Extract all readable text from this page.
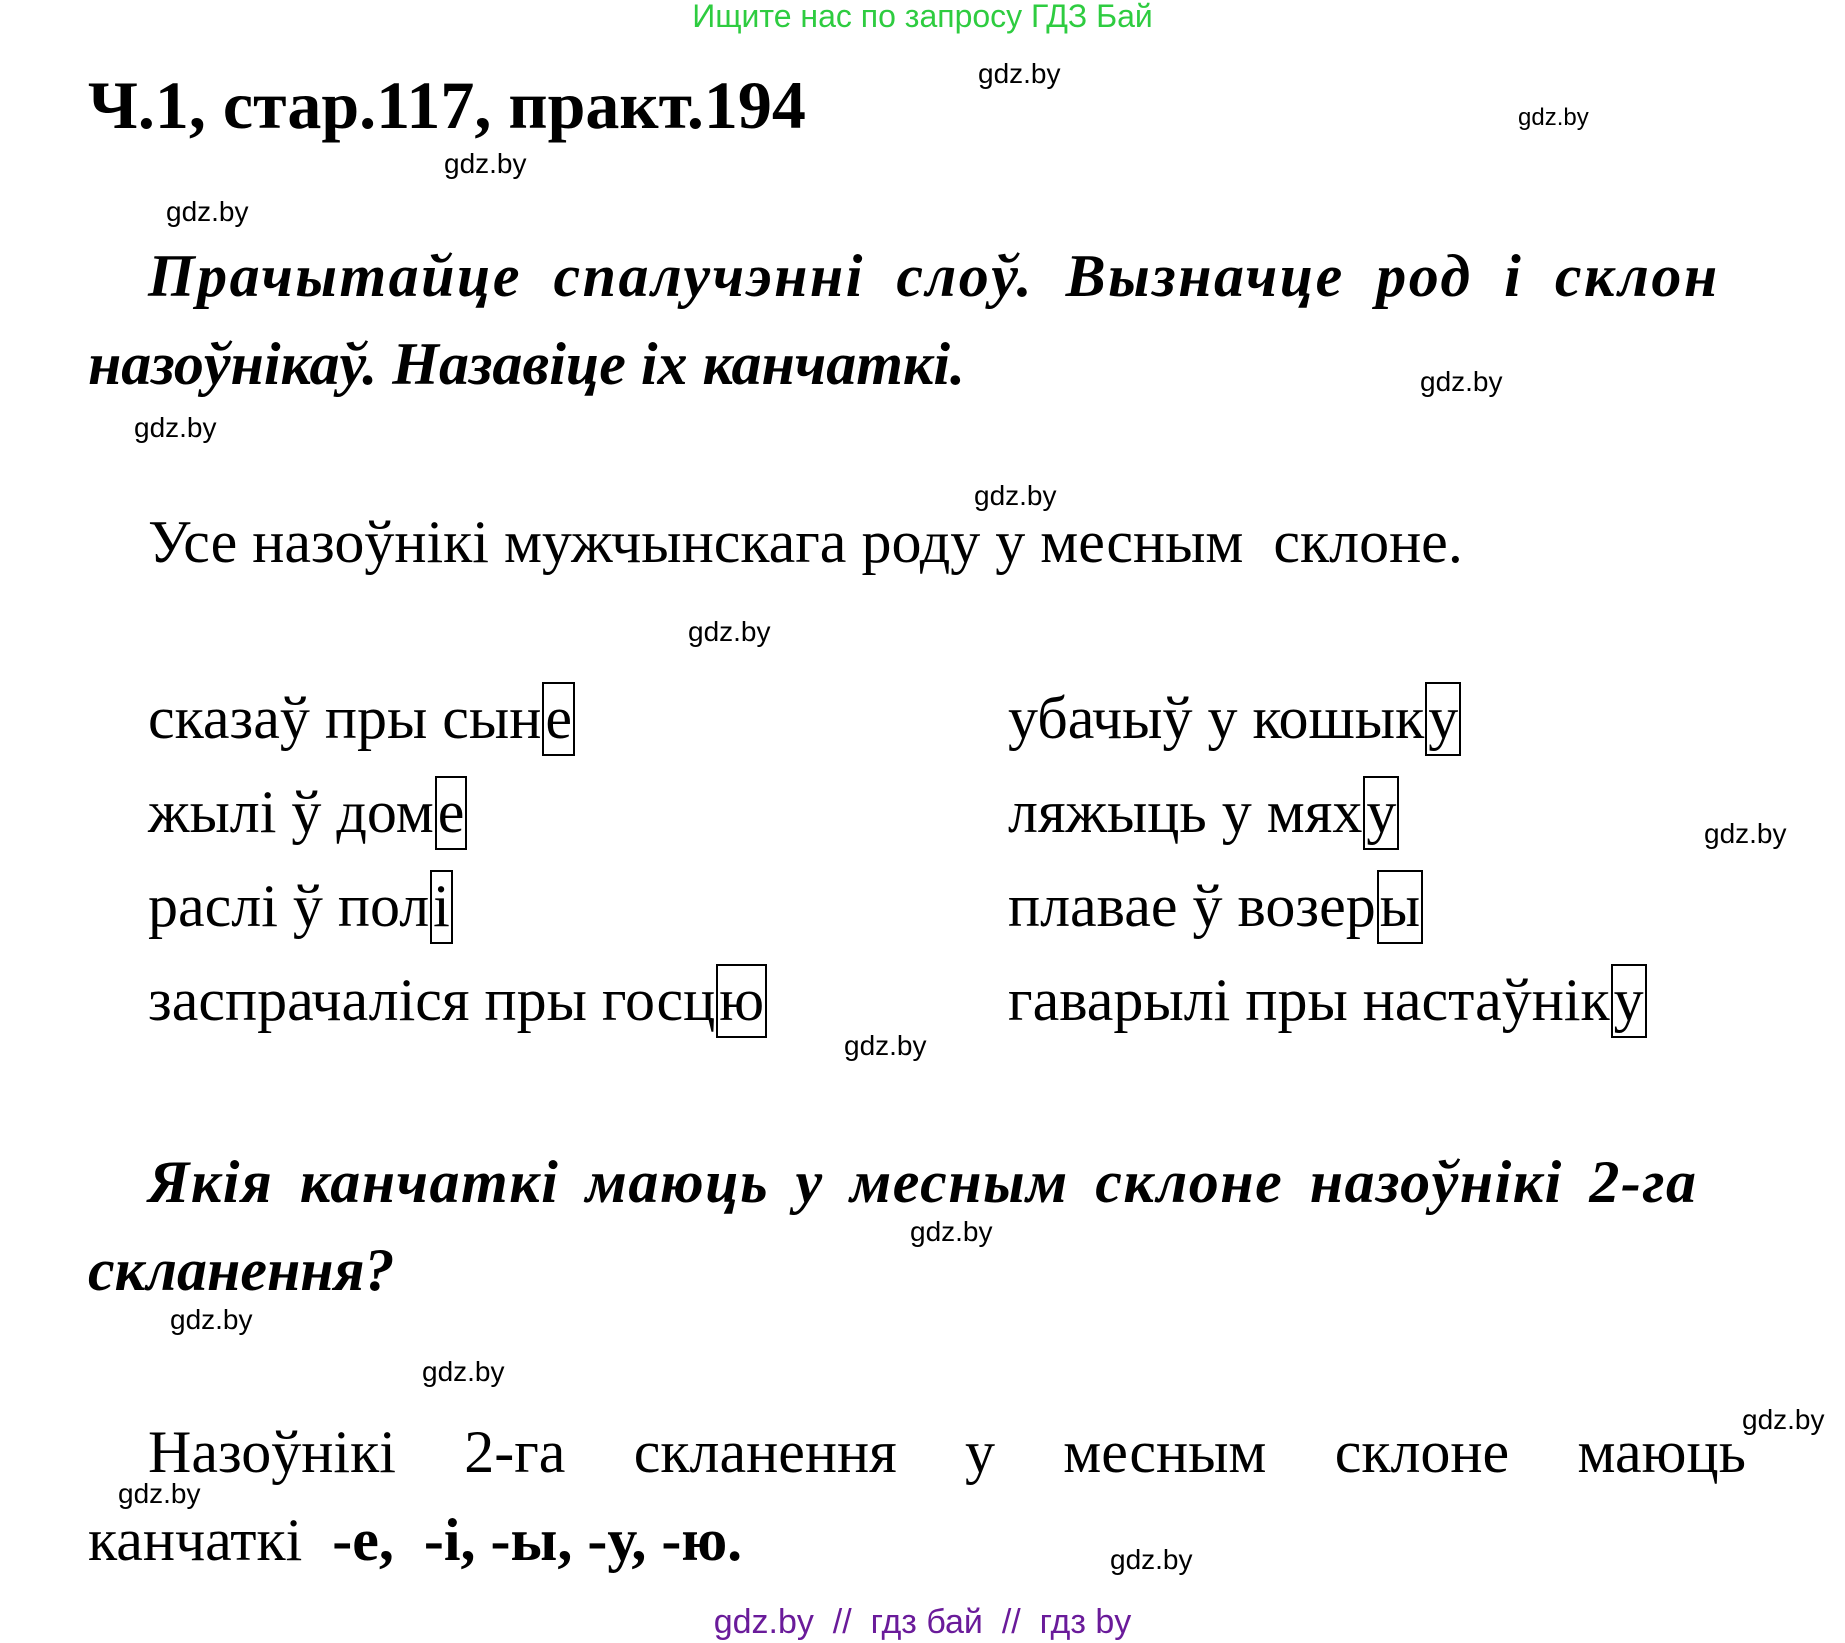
Ищите нас по запросу ГДЗ Бай
Ч.1, стар.117, практ.194
Прачытайце спалучэнні слоў. Вызначце род і склон
назоўнікаў. Назавіце іх канчаткі.
Усе назоўнікі мужчынскага роду у месным  склоне.
сказаў пры сыне
жылі ў доме
раслі ў полі
заспрачаліся пры госцю
убачыў у кошыку
ляжыць у мяху
плавае ў возеры
гаварылі пры настаўніку
Якія канчаткі маюць у месным склоне назоўнікі 2-га
скланення?
Назоўнікі 2-га скланення у месным склоне маюць
канчаткі -е,  -і, -ы, -у, -ю.
gdz.by
gdz.by
gdz.by
gdz.by
gdz.by
gdz.by
gdz.by
gdz.by
gdz.by
gdz.by
gdz.by
gdz.by
gdz.by
gdz.by
gdz.by
gdz.by
gdz.by  //  гдз бай  //  гдз by
